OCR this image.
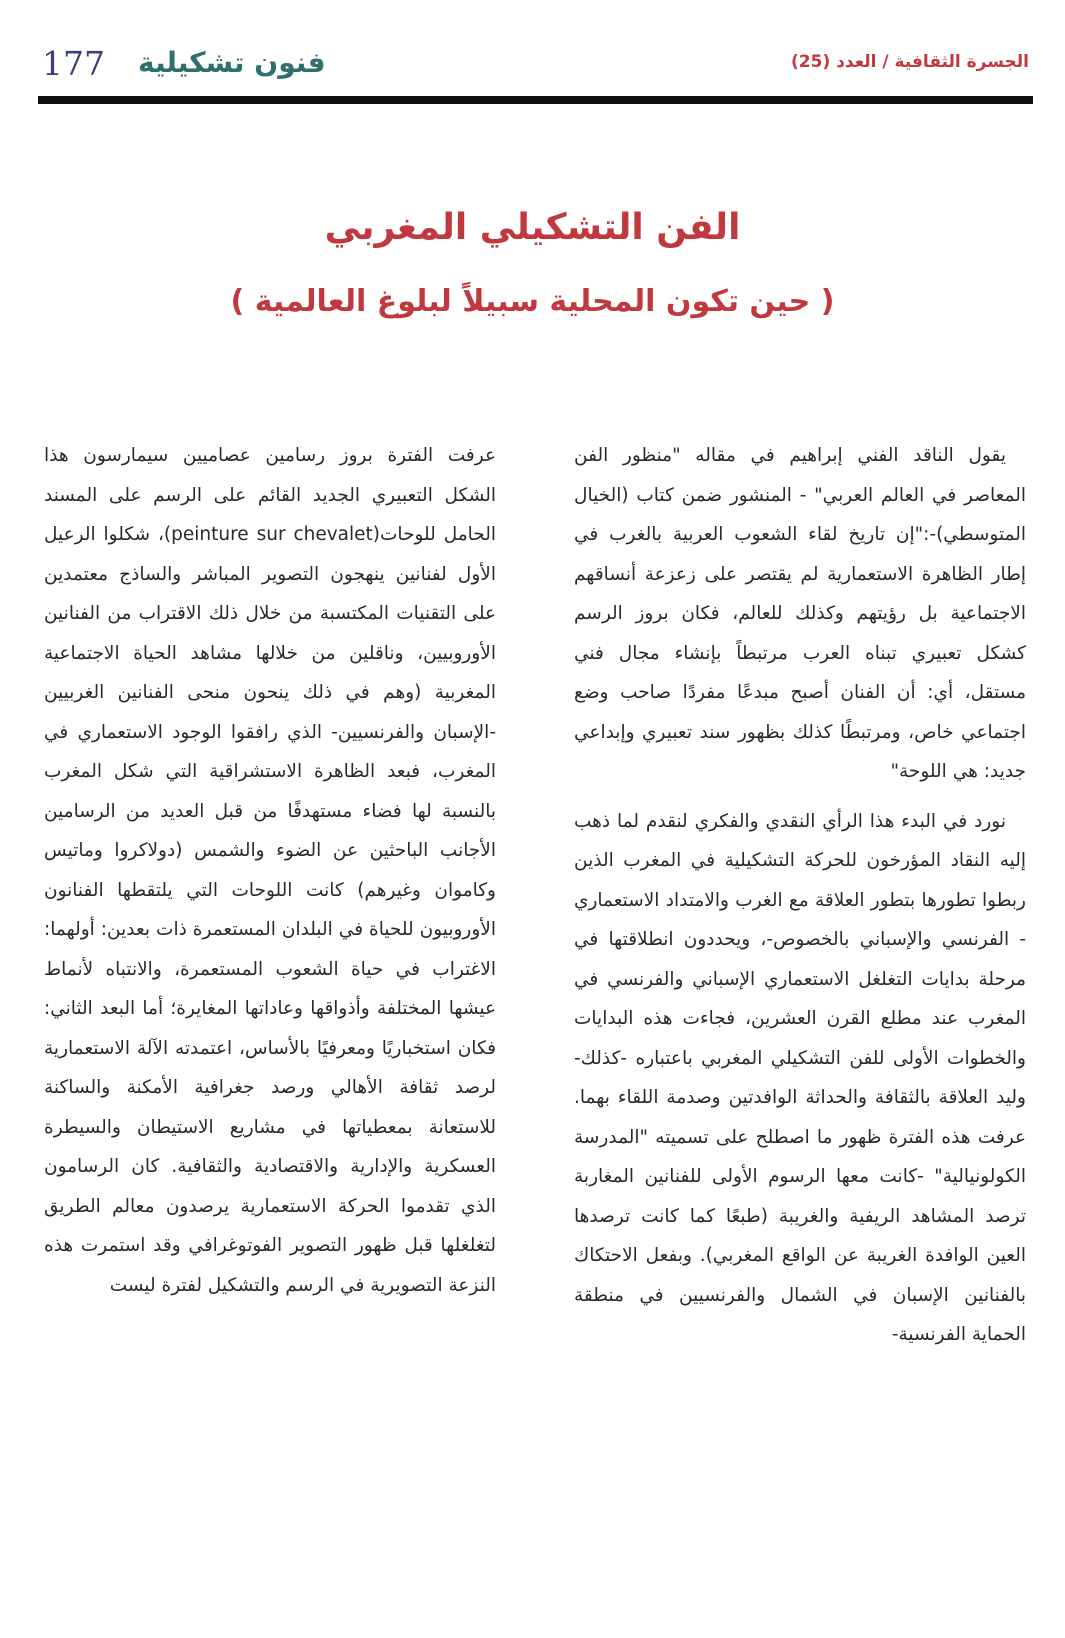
177 فنون تشكيلية	الجسرة الثقافية / العدد (25)
الفن التشكيلي المغربي
( حين تكون المحلية سبيلاً لبلوغ العالمية )

يقول الناقد الفني إبراهيم في مقاله "منظور الفن المعاصر في العالم العربي" - المنشور ضمن كتاب (الخيال المتوسطي)-:"إن تاريخ لقاء الشعوب العربية بالغرب في إطار الظاهرة الاستعمارية لم يقتصر على زعزعة أنساقهم الاجتماعية بل رؤيتهم وكذلك للعالم، فكان بروز الرسم كشكل تعبيري تبناه العرب مرتبطاً بإنشاء مجال فني مستقل، أي: أن الفنان أصبح مبدعًا مفردًا صاحب وضع اجتماعي خاص، ومرتبطًا كذلك بظهور سند تعبيري وإبداعي جديد: هي اللوحة"

نورد في البدء هذا الرأي النقدي والفكري لنقدم لما ذهب إليه النقاد المؤرخون للحركة التشكيلية في المغرب الذين ربطوا تطورها بتطور العلاقة مع الغرب والامتداد الاستعماري - الفرنسي والإسباني بالخصوص-، ويحددون انطلاقتها في مرحلة بدايات التغلغل الاستعماري الإسباني والفرنسي في المغرب عند مطلع القرن العشرين، فجاءت هذه البدايات والخطوات الأولى للفن التشكيلي المغربي باعتباره -كذلك- وليد العلاقة بالثقافة والحداثة الوافدتين وصدمة اللقاء بهما. عرفت هذه الفترة ظهور ما اصطلح على تسميته "المدرسة الكولونيالية" -كانت معها الرسوم الأولى للفنانين المغاربة ترصد المشاهد الريفية والغريبة (طبعًا كما كانت ترصدها العين الوافدة الغريبة عن الواقع المغربي). وبفعل الاحتكاك بالفنانين الإسبان في الشمال والفرنسيين في منطقة الحماية الفرنسية-

عرفت الفترة بروز رسامين عصاميين سيمارسون هذا الشكل التعبيري الجديد القائم على الرسم على المسند الحامل للوحات(peinture sur chevalet)، شكلوا الرعيل الأول لفنانين ينهجون التصوير المباشر والساذج معتمدين على التقنيات المكتسبة من خلال ذلك الاقتراب من الفنانين الأوروبيين، وناقلين من خلالها مشاهد الحياة الاجتماعية المغربية (وهم في ذلك ينحون منحى الفنانين الغربيين -الإسبان والفرنسيين- الذي رافقوا الوجود الاستعماري في المغرب، فبعد الظاهرة الاستشراقية التي شكل المغرب بالنسبة لها فضاء مستهدفًا من قبل العديد من الرسامين الأجانب الباحثين عن الضوء والشمس (دولاكروا وماتيس وكاموان وغيرهم) كانت اللوحات التي يلتقطها الفنانون الأوروبيون للحياة في البلدان المستعمرة ذات بعدين: أولهما: الاغتراب في حياة الشعوب المستعمرة، والانتباه لأنماط عيشها المختلفة وأذواقها وعاداتها المغايرة؛ أما البعد الثاني: فكان استخباريًا ومعرفيًا بالأساس، اعتمدته الآلة الاستعمارية لرصد ثقافة الأهالي ورصد جغرافية الأمكنة والساكنة للاستعانة بمعطياتها في مشاريع الاستيطان والسيطرة العسكرية والإدارية والاقتصادية والثقافية. كان الرسامون الذي تقدموا الحركة الاستعمارية يرصدون معالم الطريق لتغلغلها قبل ظهور التصوير الفوتوغرافي وقد استمرت هذه النزعة التصويرية في الرسم والتشكيل لفترة ليست
